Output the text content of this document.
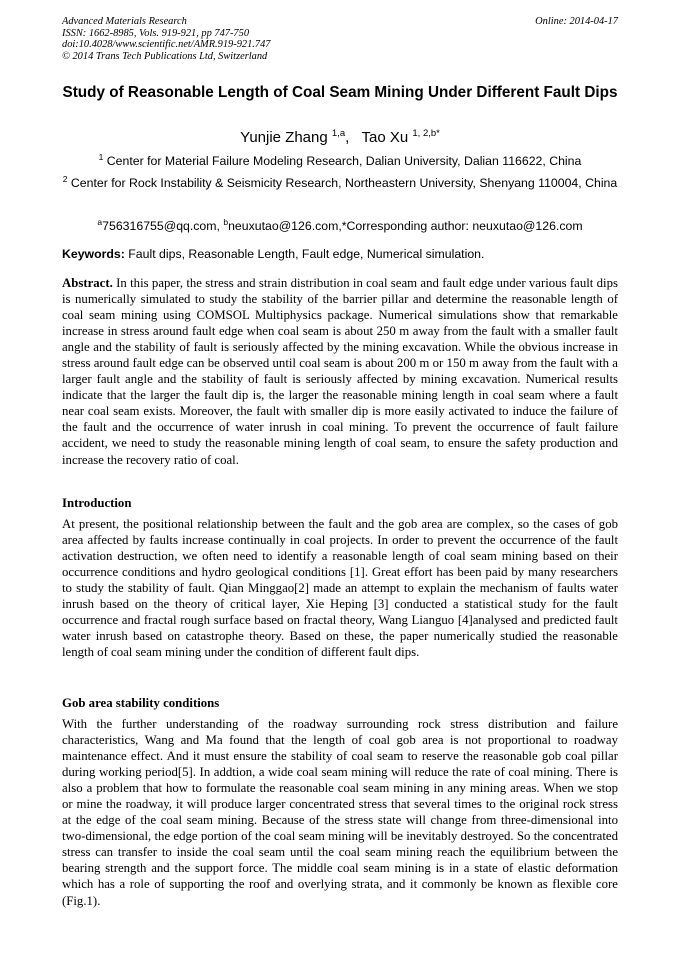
Advanced Materials Research
ISSN: 1662-8985, Vols. 919-921, pp 747-750
doi:10.4028/www.scientific.net/AMR.919-921.747
© 2014 Trans Tech Publications Ltd, Switzerland
Online: 2014-04-17
Study of Reasonable Length of Coal Seam Mining Under Different Fault Dips
Yunjie Zhang $^{1,a}$, Tao Xu $^{1, 2,b*}$
$^1$ Center for Material Failure Modeling Research, Dalian University, Dalian 116622, China
$^2$ Center for Rock Instability & Seismicity Research, Northeastern University, Shenyang 110004, China
$^a$756316755@qq.com, $^b$neuxutao@126.com,*Corresponding author: neuxutao@126.com
Keywords: Fault dips, Reasonable Length, Fault edge, Numerical simulation.

Abstract. In this paper, the stress and strain distribution in coal seam and fault edge under various fault dips is numerically simulated to study the stability of the barrier pillar and determine the reasonable length of coal seam mining using COMSOL Multiphysics package. Numerical simulations show that remarkable increase in stress around fault edge when coal seam is about 250 m away from the fault with a smaller fault angle and the stability of fault is seriously affected by the mining excavation. While the obvious increase in stress around fault edge can be observed until coal seam is about 200 m or 150 m away from the fault with a larger fault angle and the stability of fault is seriously affected by mining excavation. Numerical results indicate that the larger the fault dip is, the larger the reasonable mining length in coal seam where a fault near coal seam exists. Moreover, the fault with smaller dip is more easily activated to induce the failure of the fault and the occurrence of water inrush in coal mining. To prevent the occurrence of fault failure accident, we need to study the reasonable mining length of coal seam, to ensure the safety production and increase the recovery ratio of coal.

Introduction

At present, the positional relationship between the fault and the gob area are complex, so the cases of gob area affected by faults increase continually in coal projects. In order to prevent the occurrence of the fault activation destruction, we often need to identify a reasonable length of coal seam mining based on their occurrence conditions and hydro geological conditions [1]. Great effort has been paid by many researchers to study the stability of fault. Qian Minggao[2] made an attempt to explain the mechanism of faults water inrush based on the theory of critical layer, Xie Heping [3] conducted a statistical study for the fault occurrence and fractal rough surface based on fractal theory, Wang Lianguo [4]analysed and predicted fault water inrush based on catastrophe theory. Based on these, the paper numerically studied the reasonable length of coal seam mining under the condition of different fault dips.

Gob area stability conditions

With the further understanding of the roadway surrounding rock stress distribution and failure characteristics, Wang and Ma found that the length of coal gob area is not proportional to roadway maintenance effect. And it must ensure the stability of coal seam to reserve the reasonable gob coal pillar during working period[5]. In addtion, a wide coal seam mining will reduce the rate of coal mining. There is also a problem that how to formulate the reasonable coal seam mining in any mining areas. When we stop or mine the roadway, it will produce larger concentrated stress that several times to the original rock stress at the edge of the coal seam mining. Because of the stress state will change from three-dimensional into two-dimensional, the edge portion of the coal seam mining will be inevitably destroyed. So the concentrated stress can transfer to inside the coal seam until the coal seam mining reach the equilibrium between the bearing strength and the support force. The middle coal seam mining is in a state of elastic deformation which has a role of supporting the roof and overlying strata, and it commonly be known as flexible core (Fig.1).
